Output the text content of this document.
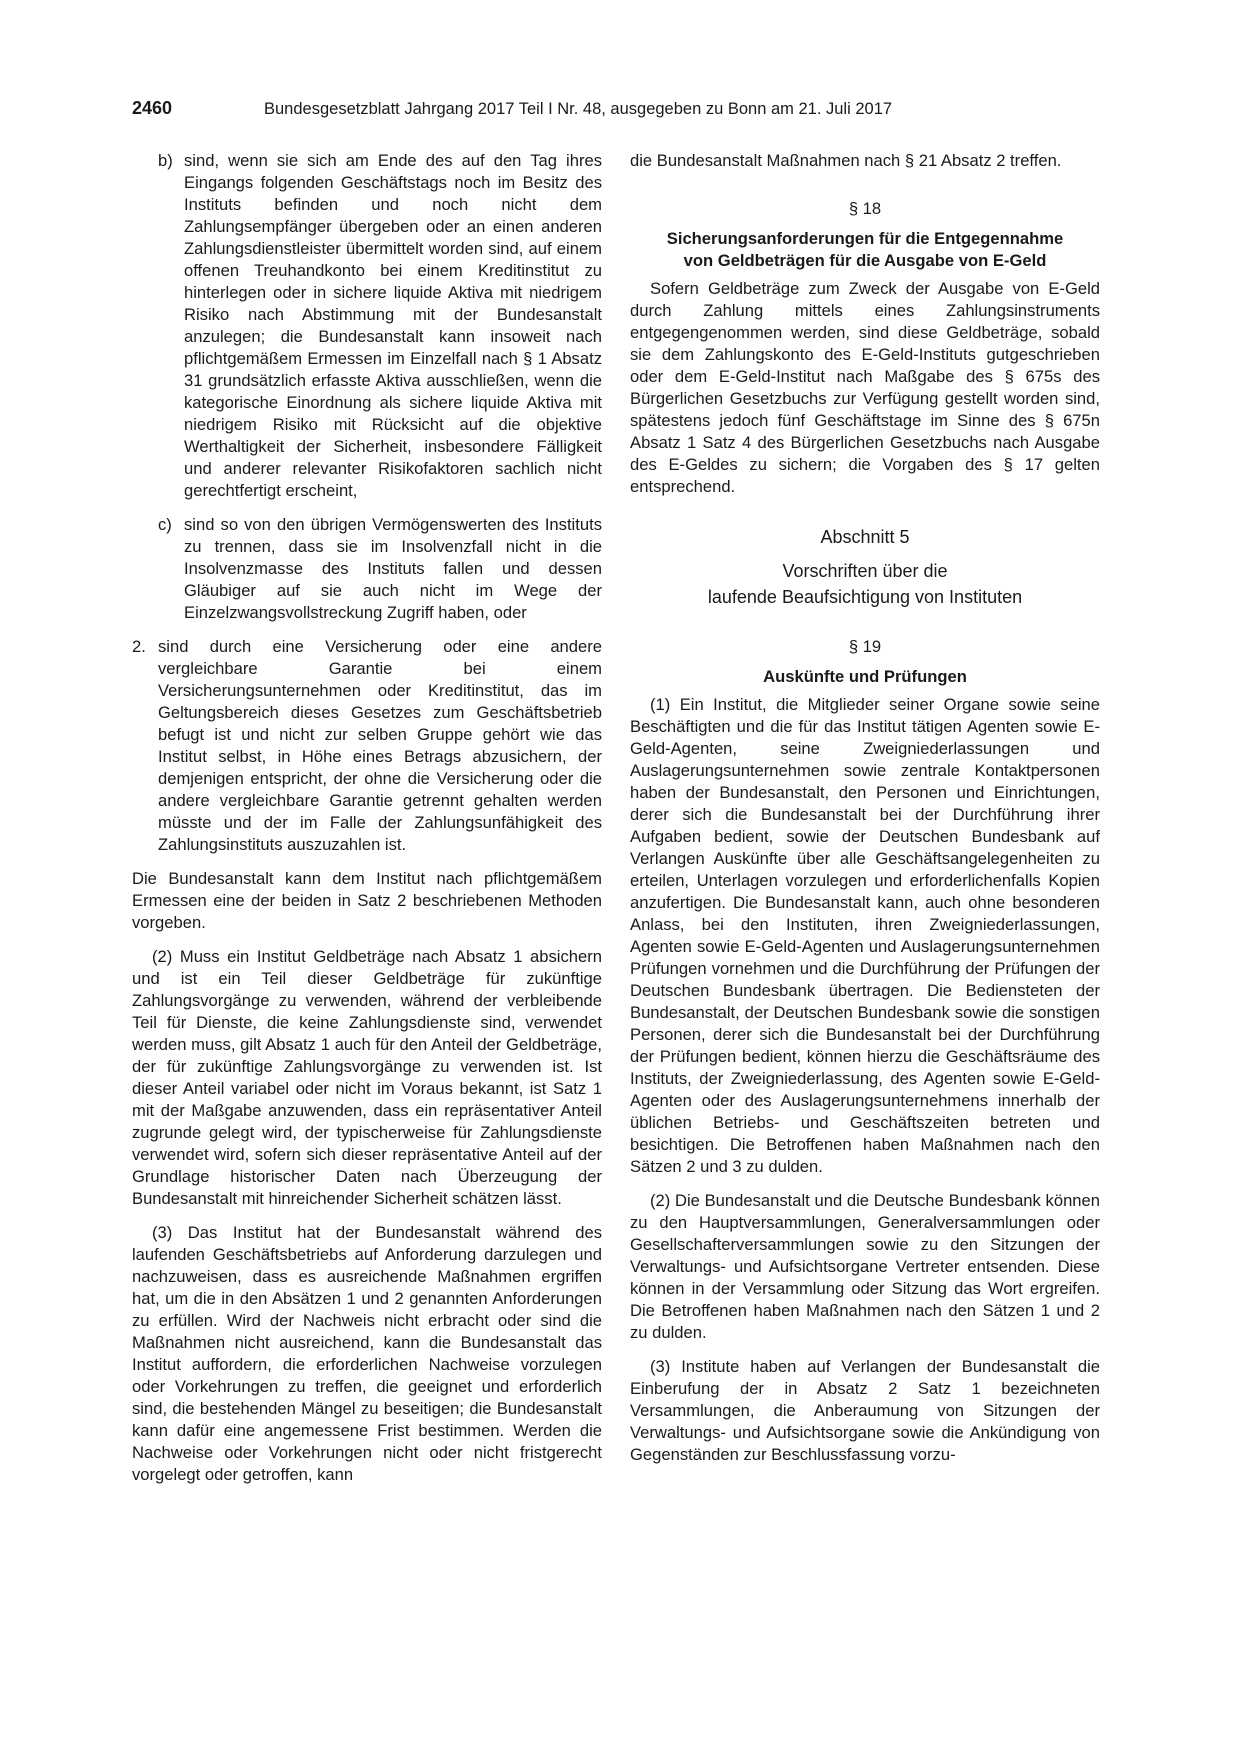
2460	Bundesgesetzblatt Jahrgang 2017 Teil I Nr. 48, ausgegeben zu Bonn am 21. Juli 2017
b) sind, wenn sie sich am Ende des auf den Tag ihres Eingangs folgenden Geschäftstags noch im Besitz des Instituts befinden und noch nicht dem Zahlungsempfänger übergeben oder an einen anderen Zahlungsdienstleister übermittelt worden sind, auf einem offenen Treuhandkonto bei einem Kreditinstitut zu hinterlegen oder in sichere liquide Aktiva mit niedrigem Risiko nach Abstimmung mit der Bundesanstalt anzulegen; die Bundesanstalt kann insoweit nach pflichtgemäßem Ermessen im Einzelfall nach § 1 Absatz 31 grundsätzlich erfasste Aktiva ausschließen, wenn die kategorische Einordnung als sichere liquide Aktiva mit niedrigem Risiko mit Rücksicht auf die objektive Werthaltigkeit der Sicherheit, insbesondere Fälligkeit und anderer relevanter Risikofaktoren sachlich nicht gerechtfertigt erscheint,

c) sind so von den übrigen Vermögenswerten des Instituts zu trennen, dass sie im Insolvenzfall nicht in die Insolvenzmasse des Instituts fallen und dessen Gläubiger auf sie auch nicht im Wege der Einzelzwangsvollstreckung Zugriff haben, oder

2. sind durch eine Versicherung oder eine andere vergleichbare Garantie bei einem Versicherungsunternehmen oder Kreditinstitut, das im Geltungsbereich dieses Gesetzes zum Geschäftsbetrieb befugt ist und nicht zur selben Gruppe gehört wie das Institut selbst, in Höhe eines Betrags abzusichern, der demjenigen entspricht, der ohne die Versicherung oder die andere vergleichbare Garantie getrennt gehalten werden müsste und der im Falle der Zahlungsunfähigkeit des Zahlungsinstituts auszuzahlen ist.

Die Bundesanstalt kann dem Institut nach pflichtgemäßem Ermessen eine der beiden in Satz 2 beschriebenen Methoden vorgeben.

(2) Muss ein Institut Geldbeträge nach Absatz 1 absichern und ist ein Teil dieser Geldbeträge für zukünftige Zahlungsvorgänge zu verwenden, während der verbleibende Teil für Dienste, die keine Zahlungsdienste sind, verwendet werden muss, gilt Absatz 1 auch für den Anteil der Geldbeträge, der für zukünftige Zahlungsvorgänge zu verwenden ist. Ist dieser Anteil variabel oder nicht im Voraus bekannt, ist Satz 1 mit der Maßgabe anzuwenden, dass ein repräsentativer Anteil zugrunde gelegt wird, der typischerweise für Zahlungsdienste verwendet wird, sofern sich dieser repräsentative Anteil auf der Grundlage historischer Daten nach Überzeugung der Bundesanstalt mit hinreichender Sicherheit schätzen lässt.

(3) Das Institut hat der Bundesanstalt während des laufenden Geschäftsbetriebs auf Anforderung darzulegen und nachzuweisen, dass es ausreichende Maßnahmen ergriffen hat, um die in den Absätzen 1 und 2 genannten Anforderungen zu erfüllen. Wird der Nachweis nicht erbracht oder sind die Maßnahmen nicht ausreichend, kann die Bundesanstalt das Institut auffordern, die erforderlichen Nachweise vorzulegen oder Vorkehrungen zu treffen, die geeignet und erforderlich sind, die bestehenden Mängel zu beseitigen; die Bundesanstalt kann dafür eine angemessene Frist bestimmen. Werden die Nachweise oder Vorkehrungen nicht oder nicht fristgerecht vorgelegt oder getroffen, kann

die Bundesanstalt Maßnahmen nach § 21 Absatz 2 treffen.

§ 18

Sicherungsanforderungen für die Entgegennahme von Geldbeträgen für die Ausgabe von E-Geld

Sofern Geldbeträge zum Zweck der Ausgabe von E-Geld durch Zahlung mittels eines Zahlungsinstruments entgegengenommen werden, sind diese Geldbeträge, sobald sie dem Zahlungskonto des E-Geld-Instituts gutgeschrieben oder dem E-Geld-Institut nach Maßgabe des § 675s des Bürgerlichen Gesetzbuchs zur Verfügung gestellt worden sind, spätestens jedoch fünf Geschäftstage im Sinne des § 675n Absatz 1 Satz 4 des Bürgerlichen Gesetzbuchs nach Ausgabe des E-Geldes zu sichern; die Vorgaben des § 17 gelten entsprechend.

Abschnitt 5

Vorschriften über die

laufende Beaufsichtigung von Instituten

§ 19

Auskünfte und Prüfungen

(1) Ein Institut, die Mitglieder seiner Organe sowie seine Beschäftigten und die für das Institut tätigen Agenten sowie E-Geld-Agenten, seine Zweigniederlassungen und Auslagerungsunternehmen sowie zentrale Kontaktpersonen haben der Bundesanstalt, den Personen und Einrichtungen, derer sich die Bundesanstalt bei der Durchführung ihrer Aufgaben bedient, sowie der Deutschen Bundesbank auf Verlangen Auskünfte über alle Geschäftsangelegenheiten zu erteilen, Unterlagen vorzulegen und erforderlichenfalls Kopien anzufertigen. Die Bundesanstalt kann, auch ohne besonderen Anlass, bei den Instituten, ihren Zweigniederlassungen, Agenten sowie E-Geld-Agenten und Auslagerungsunternehmen Prüfungen vornehmen und die Durchführung der Prüfungen der Deutschen Bundesbank übertragen. Die Bediensteten der Bundesanstalt, der Deutschen Bundesbank sowie die sonstigen Personen, derer sich die Bundesanstalt bei der Durchführung der Prüfungen bedient, können hierzu die Geschäftsräume des Instituts, der Zweigniederlassung, des Agenten sowie E-Geld-Agenten oder des Auslagerungsunternehmens innerhalb der üblichen Betriebs- und Geschäftszeiten betreten und besichtigen. Die Betroffenen haben Maßnahmen nach den Sätzen 2 und 3 zu dulden.

(2) Die Bundesanstalt und die Deutsche Bundesbank können zu den Hauptversammlungen, Generalversammlungen oder Gesellschafterversammlungen sowie zu den Sitzungen der Verwaltungs- und Aufsichtsorgane Vertreter entsenden. Diese können in der Versammlung oder Sitzung das Wort ergreifen. Die Betroffenen haben Maßnahmen nach den Sätzen 1 und 2 zu dulden.

(3) Institute haben auf Verlangen der Bundesanstalt die Einberufung der in Absatz 2 Satz 1 bezeichneten Versammlungen, die Anberaumung von Sitzungen der Verwaltungs- und Aufsichtsorgane sowie die Ankündigung von Gegenständen zur Beschlussfassung vorzu-
